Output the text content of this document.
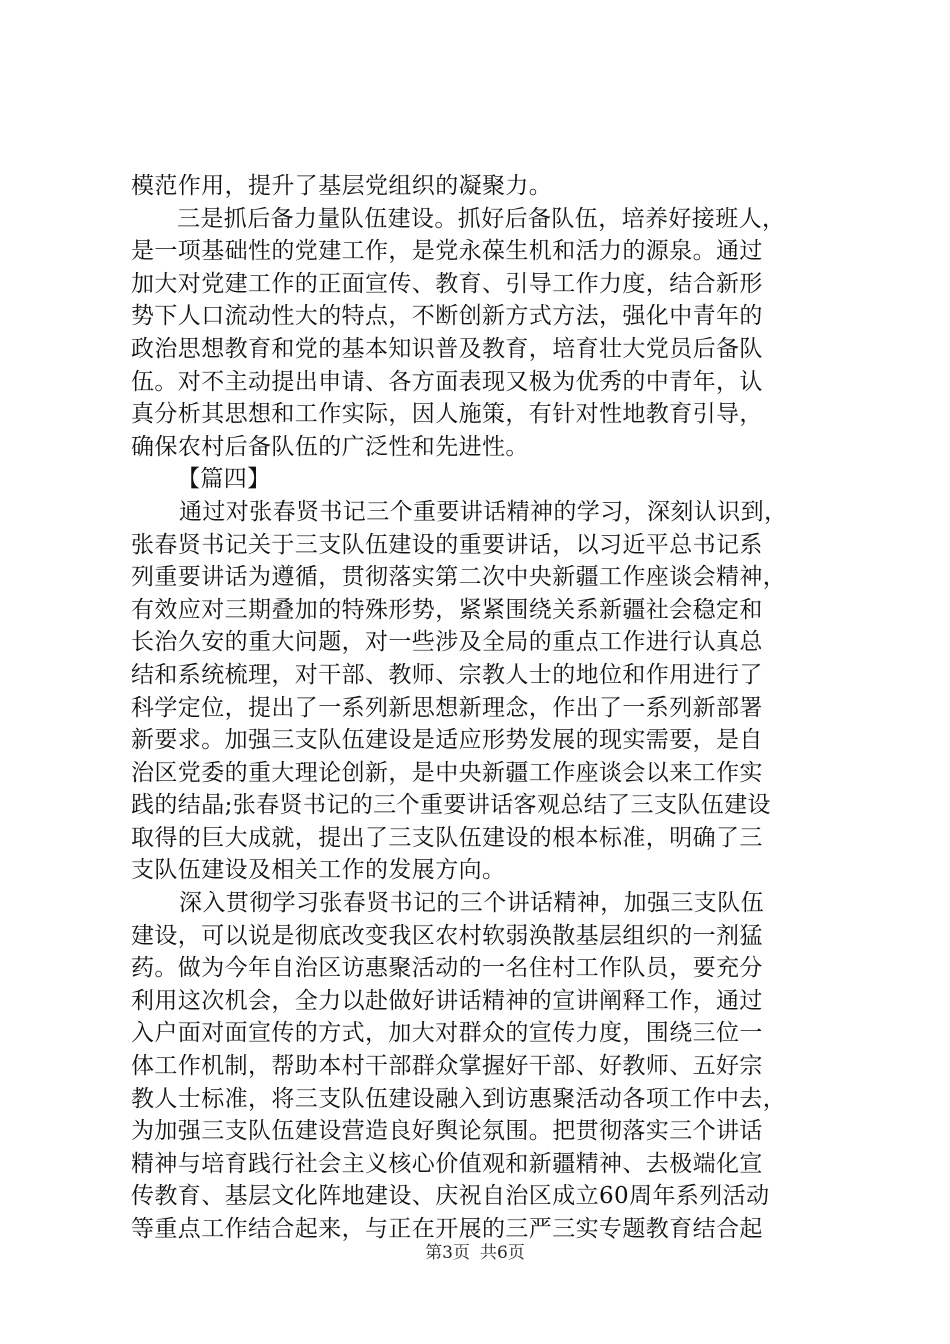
模范作用，提升了基层党组织的凝聚力。
三是抓后备力量队伍建设。抓好后备队伍，培养好接班人，
是一项基础性的党建工作，是党永葆生机和活力的源泉。通过
加大对党建工作的正面宣传、教育、引导工作力度，结合新形
势下人口流动性大的特点，不断创新方式方法，强化中青年的
政治思想教育和党的基本知识普及教育，培育壮大党员后备队
伍。对不主动提出申请、各方面表现又极为优秀的中青年，认
真分析其思想和工作实际，因人施策，有针对性地教育引导，
确保农村后备队伍的广泛性和先进性。
【篇四】
通过对张春贤书记三个重要讲话精神的学习，深刻认识到，
张春贤书记关于三支队伍建设的重要讲话，以习近平总书记系
列重要讲话为遵循，贯彻落实第二次中央新疆工作座谈会精神，
有效应对三期叠加的特殊形势，紧紧围绕关系新疆社会稳定和
长治久安的重大问题，对一些涉及全局的重点工作进行认真总
结和系统梳理，对干部、教师、宗教人士的地位和作用进行了
科学定位，提出了一系列新思想新理念，作出了一系列新部署
新要求。加强三支队伍建设是适应形势发展的现实需要，是自
治区党委的重大理论创新，是中央新疆工作座谈会以来工作实
践的结晶;张春贤书记的三个重要讲话客观总结了三支队伍建设
取得的巨大成就，提出了三支队伍建设的根本标准，明确了三
支队伍建设及相关工作的发展方向。
深入贯彻学习张春贤书记的三个讲话精神，加强三支队伍
建设，可以说是彻底改变我区农村软弱涣散基层组织的一剂猛
药。做为今年自治区访惠聚活动的一名住村工作队员，要充分
利用这次机会，全力以赴做好讲话精神的宣讲阐释工作，通过
入户面对面宣传的方式，加大对群众的宣传力度，围绕三位一
体工作机制，帮助本村干部群众掌握好干部、好教师、五好宗
教人士标准，将三支队伍建设融入到访惠聚活动各项工作中去，
为加强三支队伍建设营造良好舆论氛围。把贯彻落实三个讲话
精神与培育践行社会主义核心价值观和新疆精神、去极端化宣
传教育、基层文化阵地建设、庆祝自治区成立60周年系列活动
等重点工作结合起来，与正在开展的三严三实专题教育结合起
第3页 共6页
